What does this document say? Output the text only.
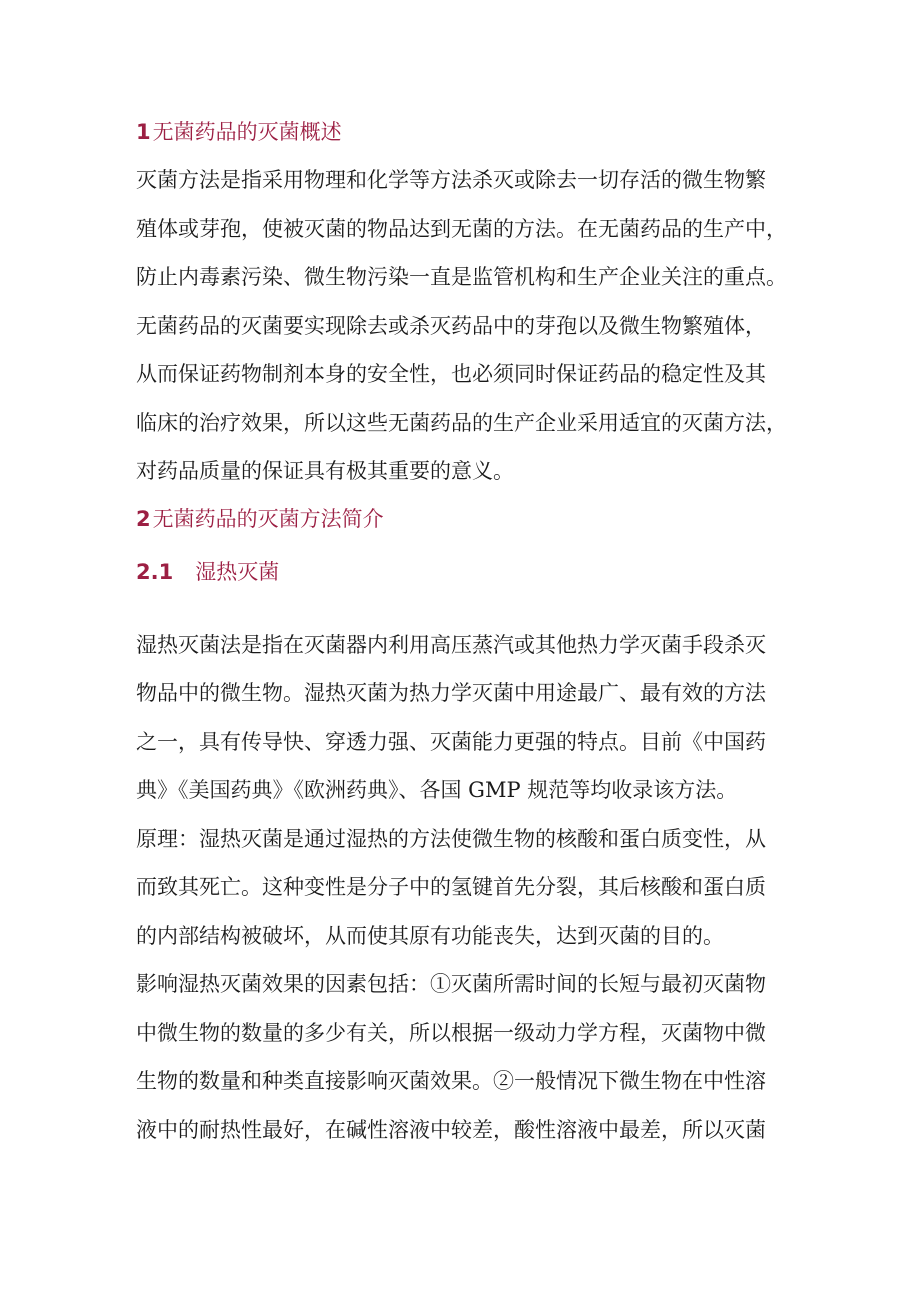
1无菌药品的灭菌概述
灭菌方法是指采用物理和化学等方法杀灭或除去一切存活的微生物繁
殖体或芽孢，使被灭菌的物品达到无菌的方法。在无菌药品的生产中，
防止内毒素污染、微生物污染一直是监管机构和生产企业关注的重点。
无菌药品的灭菌要实现除去或杀灭药品中的芽孢以及微生物繁殖体，
从而保证药物制剂本身的安全性，也必须同时保证药品的稳定性及其
临床的治疗效果，所以这些无菌药品的生产企业采用适宜的灭菌方法，
对药品质量的保证具有极其重要的意义。
2无菌药品的灭菌方法简介
2.1 湿热灭菌
湿热灭菌法是指在灭菌器内利用高压蒸汽或其他热力学灭菌手段杀灭
物品中的微生物。湿热灭菌为热力学灭菌中用途最广、最有效的方法
之一，具有传导快、穿透力强、灭菌能力更强的特点。目前《中国药
典》《美国药典》《欧洲药典》、各国 GMP 规范等均收录该方法。
原理：湿热灭菌是通过湿热的方法使微生物的核酸和蛋白质变性，从
而致其死亡。这种变性是分子中的氢键首先分裂，其后核酸和蛋白质
的内部结构被破坏，从而使其原有功能丧失，达到灭菌的目的。
影响湿热灭菌效果的因素包括：①灭菌所需时间的长短与最初灭菌物
中微生物的数量的多少有关，所以根据一级动力学方程，灭菌物中微
生物的数量和种类直接影响灭菌效果。②一般情况下微生物在中性溶
液中的耐热性最好，在碱性溶液中较差，酸性溶液中最差，所以灭菌
